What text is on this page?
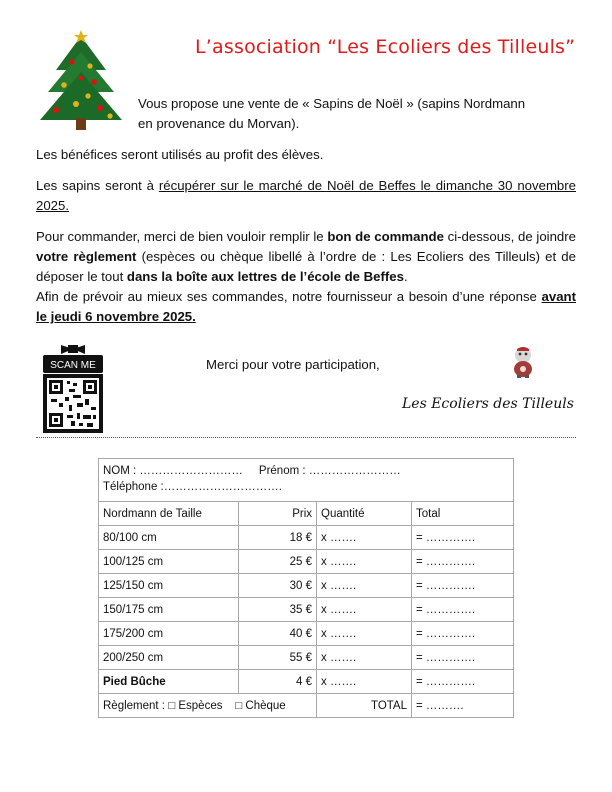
L’association “Les Ecoliers des Tilleuls”
Vous propose une vente de « Sapins de Noël » (sapins Nordmann
en provenance du Morvan).
Les bénéfices seront utilisés au profit des élèves.
Les sapins seront à récupérer sur le marché de Noël de Beffes le dimanche 30 novembre 2025.
Pour commander, merci de bien vouloir remplir le bon de commande ci-dessous, de joindre votre règlement (espèces ou chèque libellé à l’ordre de : Les Ecoliers des Tilleuls) et de déposer le tout dans la boîte aux lettres de l’école de Beffes.
Afin de prévoir au mieux ses commandes, notre fournisseur a besoin d’une réponse avant le jeudi 6 novembre 2025.
SCAN ME	Merci pour votre participation,
Les Ecoliers des Tilleuls
NOM : ……………………… Prénom : ……………………
Téléphone :………………………….			
Nordmann de Taille	Prix	Quantité	Total
80/100 cm	18 €	x …….	= ………….
100/125 cm	25 €	x …….	= ………….
125/150 cm	30 €	x …….	= ………….
150/175 cm	35 €	x …….	= ………….
175/200 cm	40 €	x …….	= ………….
200/250 cm	55 €	x …….	= ………….
Pied Bûche	4 €	x …….	= ………….
Règlement : □ Espèces □ Chèque		TOTAL	= ……….
